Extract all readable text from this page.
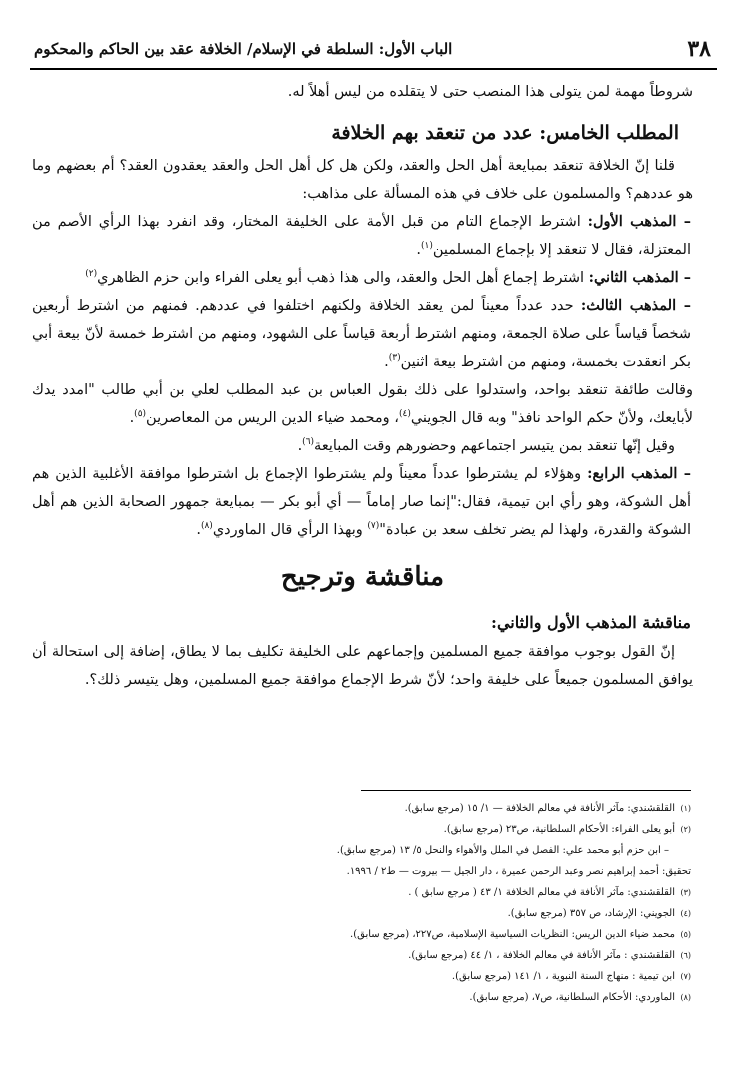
٣٨
الباب الأول: السلطة في الإسلام/ الخلافة عقد بين الحاكم والمحكوم

شروطاً مهمة لمن يتولى هذا المنصب حتى لا يتقلده من ليس أهلاً له.

المطلب الخامس: عدد من تنعقد بهم الخلافة

قلنا إنّ الخلافة تنعقد بمبايعة أهل الحل والعقد، ولكن هل كل أهل الحل والعقد يعقدون العقد؟ أم بعضهم وما هو عددهم؟ والمسلمون على خلاف في هذه المسألة على مذاهب:

– المذهب الأول: اشترط الإجماع التام من قبل الأمة على الخليفة المختار، وقد انفرد بهذا الرأي الأصم من المعتزلة، فقال لا تنعقد إلا بإجماع المسلمين$^{(١)}$.

– المذهب الثاني: اشترط إجماع أهل الحل والعقد، والى هذا ذهب أبو يعلى الفراء وابن حزم الظاهري$^{(٢)}$

– المذهب الثالث: حدد عدداً معيناً لمن يعقد الخلافة ولكنهم اختلفوا في عددهم. فمنهم من اشترط أربعين شخصاً قياساً على صلاة الجمعة، ومنهم اشترط أربعة قياساً على الشهود، ومنهم من اشترط خمسة لأنّ بيعة أبي بكر انعقدت بخمسة، ومنهم من اشترط بيعة اثنين$^{(٣)}$.

وقالت طائفة تنعقد بواحد، واستدلوا على ذلك بقول العباس بن عبد المطلب لعلي بن أبي طالب "امدد يدك لأبايعك، ولأنّ حكم الواحد نافذ" وبه قال الجويني$^{(٤)}$، ومحمد ضياء الدين الريس من المعاصرين$^{(٥)}$.

وقيل إنّها تنعقد بمن يتيسر اجتماعهم وحضورهم وقت المبايعة$^{(٦)}$.

– المذهب الرابع: وهؤلاء لم يشترطوا عدداً معيناً ولم يشترطوا الإجماع بل اشترطوا موافقة الأغلبية الذين هم أهل الشوكة، وهو رأي ابن تيمية، فقال:"إنما صار إماماً — أي أبو بكر — بمبايعة جمهور الصحابة الذين هم أهل الشوكة والقدرة، ولهذا لم يضر تخلف سعد بن عبادة"$^{(٧)}$ وبهذا الرأي قال الماوردي$^{(٨)}$.

مناقشة وترجيح
مناقشة المذهب الأول والثاني:

إنّ القول بوجوب موافقة جميع المسلمين وإجماعهم على الخليفة تكليف بما لا يطاق، إضافة إلى استحالة أن يوافق المسلمون جميعاً على خليفة واحد؛ لأنّ شرط الإجماع موافقة جميع المسلمين، وهل يتيسر ذلك؟.

(١)القلقشندي: مآثر الأنافة في معالم الخلافة — ١/ ١٥ (مرجع سابق).
(٢)أبو يعلى الفراء: الأحكام السلطانية، ص٢٣ (مرجع سابق).
– ابن حزم أبو محمد علي: الفصل في الملل والأهواء والنحل ٥/ ١٣ (مرجع سابق).
تحقيق: أحمد إبراهيم نصر وعبد الرحمن عميرة ، دار الجيل — بيروت — ط٢ / ١٩٩٦.
(٣)القلقشندي: مآثر الأنافة في معالم الخلافة ١/ ٤٣ ( مرجع سابق ) .
(٤)الجويني: الإرشاد، ص ٣٥٧ (مرجع سابق).
(٥)محمد ضياء الدين الريس: النظريات السياسية الإسلامية، ص٢٢٧، (مرجع سابق).
(٦)القلقشندي : مآثر الأنافة في معالم الخلافة ، ١/ ٤٤ (مرجع سابق).
(٧)ابن تيمية : منهاج السنة النبوية ، ١/ ١٤١ (مرجع سابق).
(٨)الماوردي: الأحكام السلطانية، ص٧، (مرجع سابق).
